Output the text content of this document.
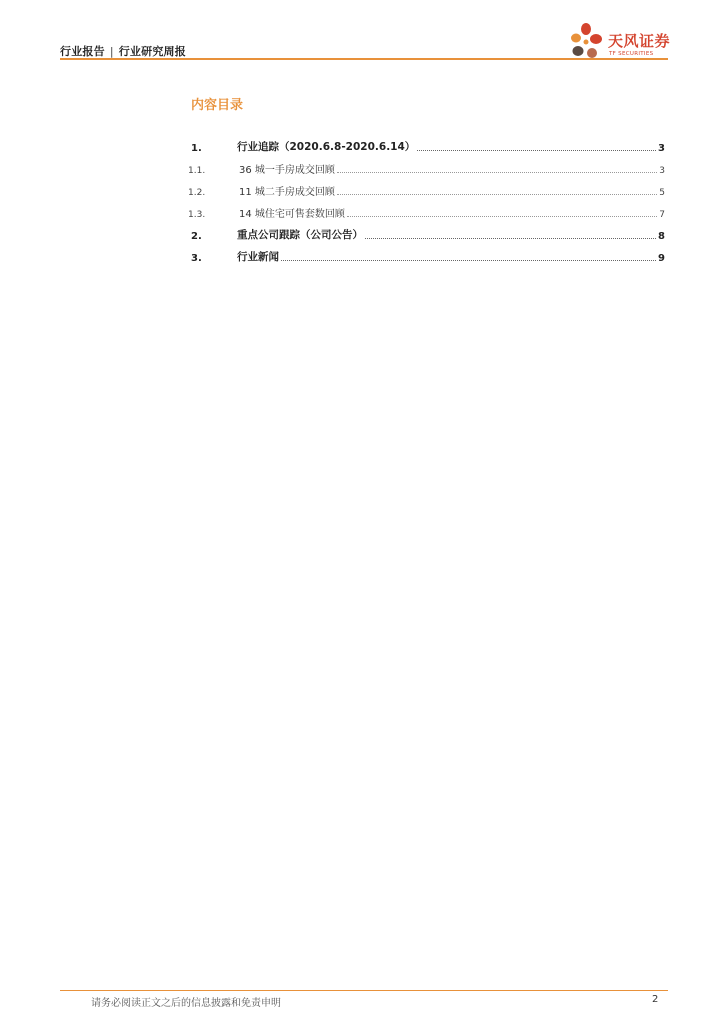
行业报告 | 行业研究周报
天风证券
TF SECURITIES
内容目录
1.	行业追踪（2020.6.8-2020.6.14）	3
1.1.	36 城一手房成交回顾	3
1.2.	11 城二手房成交回顾	5
1.3.	14 城住宅可售套数回顾	7
2.	重点公司跟踪（公司公告）	8
3.	行业新闻	9
请务必阅读正文之后的信息披露和免责申明	2
